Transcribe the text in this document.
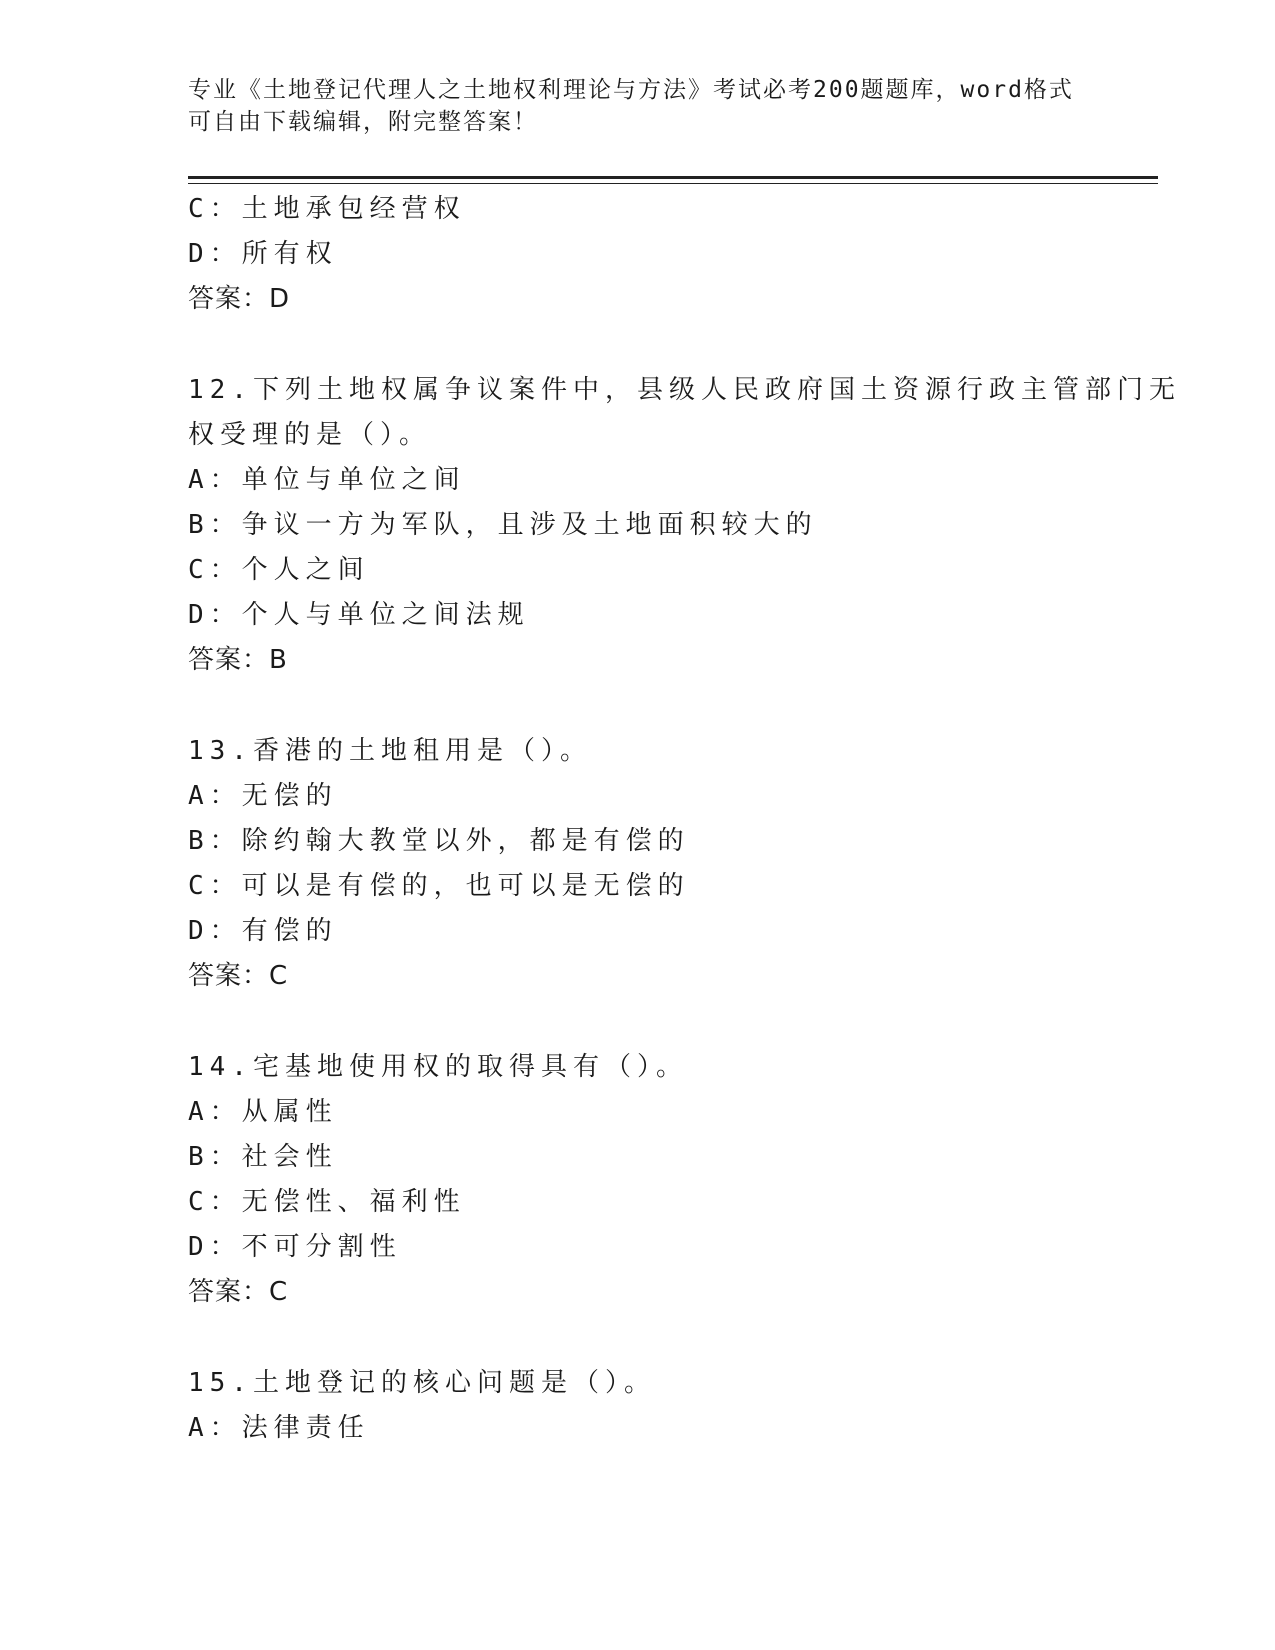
专业《土地登记代理人之土地权利理论与方法》考试必考200题题库，word格式
可自由下载编辑，附完整答案！
C：土地承包经营权
D：所有权
答案：D
12.下列土地权属争议案件中，县级人民政府国土资源行政主管部门无
权受理的是（）。
A：单位与单位之间
B：争议一方为军队，且涉及土地面积较大的
C：个人之间
D：个人与单位之间法规
答案：B
13.香港的土地租用是（）。
A：无偿的
B：除约翰大教堂以外，都是有偿的
C：可以是有偿的，也可以是无偿的
D：有偿的
答案：C
14.宅基地使用权的取得具有（）。
A：从属性
B：社会性
C：无偿性、福利性
D：不可分割性
答案：C
15.土地登记的核心问题是（）。
A：法律责任
